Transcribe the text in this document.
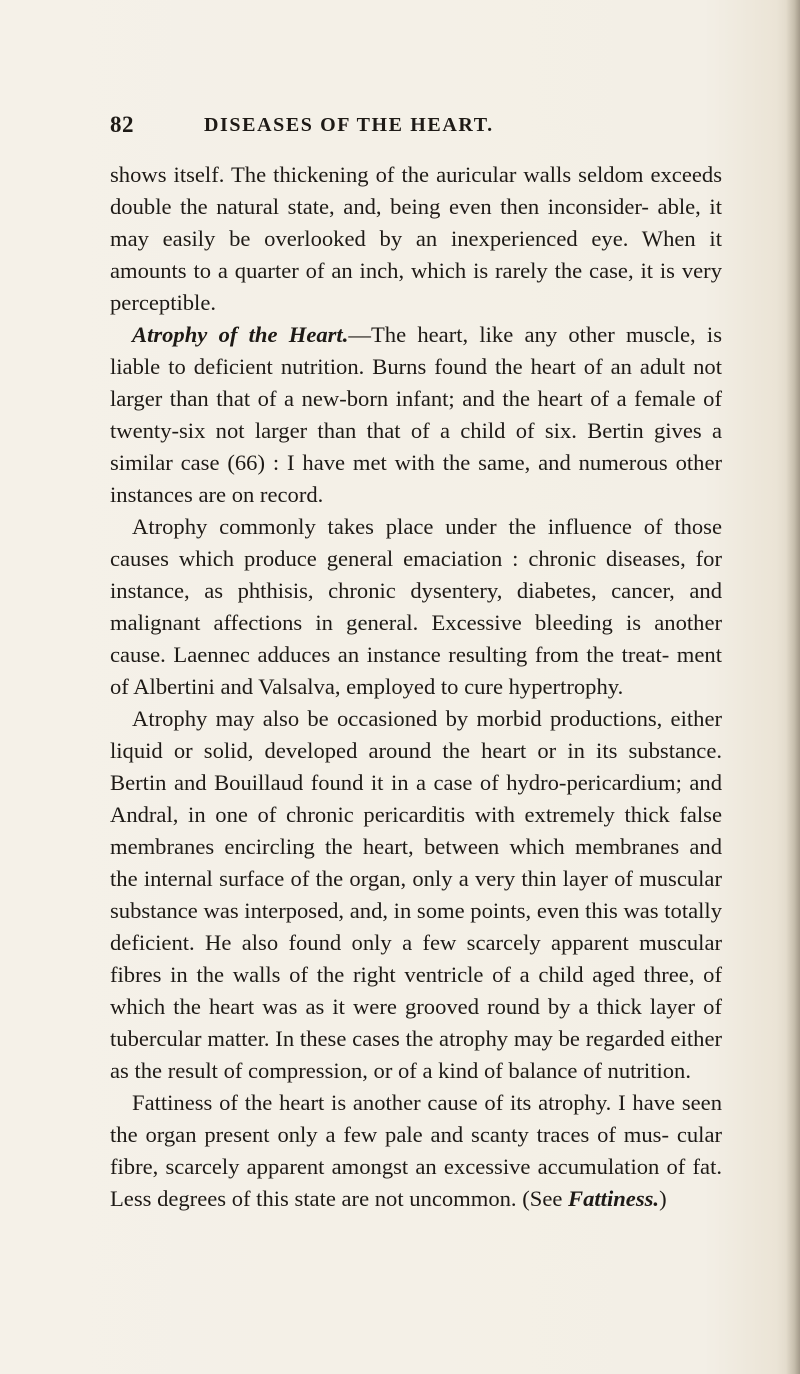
82	DISEASES OF THE HEART.

shows itself. The thickening of the auricular walls seldom exceeds double the natural state, and, being even then inconsider- able, it may easily be overlooked by an inexperienced eye. When it amounts to a quarter of an inch, which is rarely the case, it is very perceptible.

Atrophy of the Heart.—The heart, like any other muscle, is liable to deficient nutrition. Burns found the heart of an adult not larger than that of a new-born infant; and the heart of a female of twenty-six not larger than that of a child of six. Bertin gives a similar case (66) : I have met with the same, and numerous other instances are on record.

Atrophy commonly takes place under the influence of those causes which produce general emaciation : chronic diseases, for instance, as phthisis, chronic dysentery, diabetes, cancer, and malignant affections in general. Excessive bleeding is another cause. Laennec adduces an instance resulting from the treat- ment of Albertini and Valsalva, employed to cure hypertrophy.

Atrophy may also be occasioned by morbid productions, either liquid or solid, developed around the heart or in its substance. Bertin and Bouillaud found it in a case of hydro-pericardium; and Andral, in one of chronic pericarditis with extremely thick false membranes encircling the heart, between which membranes and the internal surface of the organ, only a very thin layer of muscular substance was interposed, and, in some points, even this was totally deficient. He also found only a few scarcely apparent muscular fibres in the walls of the right ventricle of a child aged three, of which the heart was as it were grooved round by a thick layer of tubercular matter. In these cases the atrophy may be regarded either as the result of compression, or of a kind of balance of nutrition.

Fattiness of the heart is another cause of its atrophy. I have seen the organ present only a few pale and scanty traces of mus- cular fibre, scarcely apparent amongst an excessive accumulation of fat. Less degrees of this state are not uncommon. (See Fattiness.)
